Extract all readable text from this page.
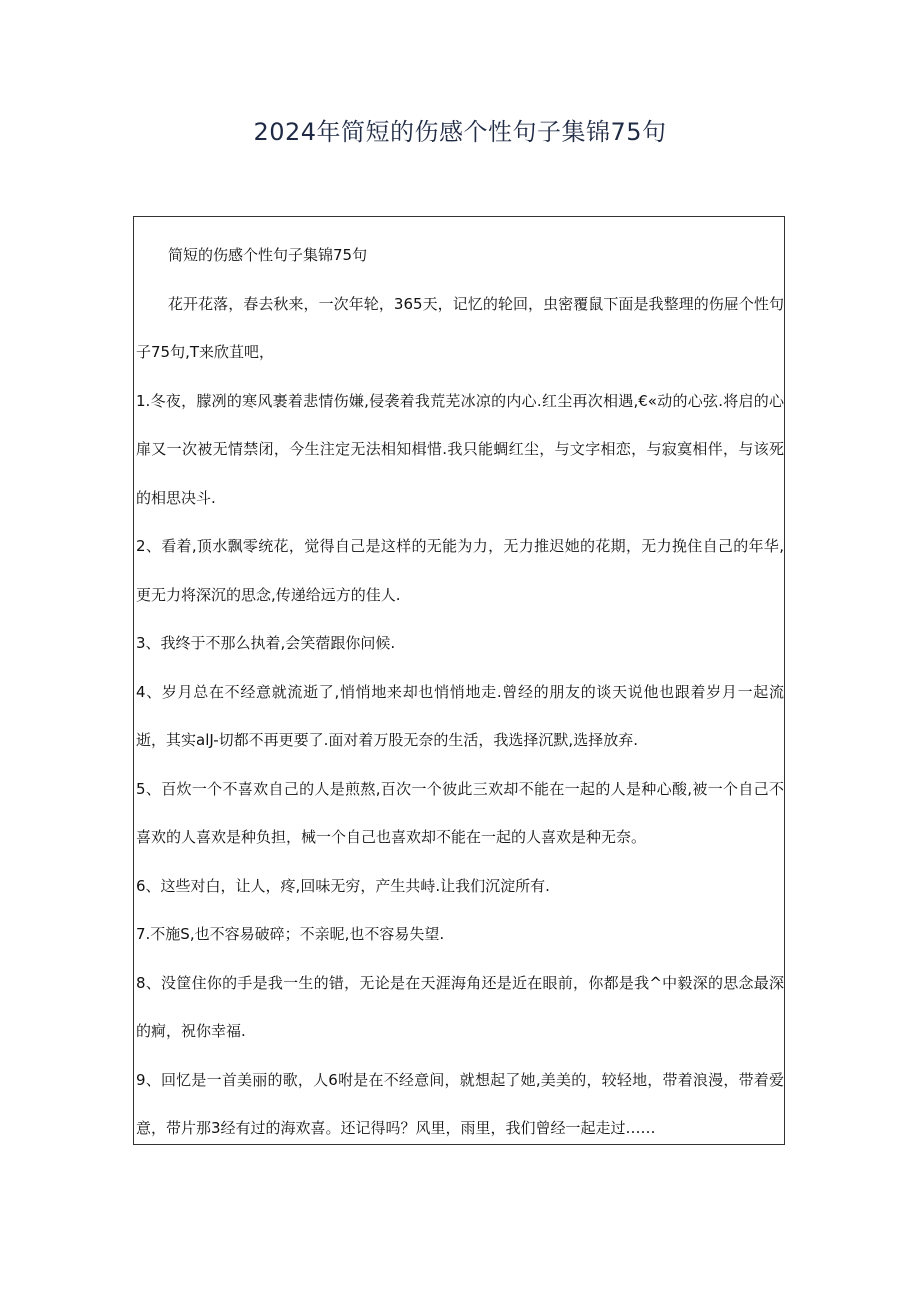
2024年简短的伤感个性句子集锦75句

简短的伤感个性句子集锦75句

花开花落，春去秋来，一次年轮，365天，记忆的轮回，虫密覆鼠下面是我整理的伤屉个性句子75句,T来欣苴吧，

1.冬夜，朦冽的寒风裹着悲情伤嫌,侵袭着我荒芜冰凉的内心.红尘再次相遇,€«动的心弦.将启的心扉又一次被无情禁闭，今生注定无法相知楫惜.我只能蜩红尘，与文字相恋，与寂寞相伴，与该死的相思决斗.

2、看着,顶水飘零统花，觉得自己是这样的无能为力，无力推迟她的花期，无力挽住自己的年华,更无力将深沉的思念,传递给远方的佳人.

3、我终于不那么执着,会笑蓿跟你问候.

4、岁月总在不经意就流逝了,悄悄地来却也悄悄地走.曾经的朋友的谈天说他也跟着岁月一起流逝，其实alJ-切都不再更要了.面对着万股无奈的生活，我选择沉默,选择放弃.

5、百炊一个不喜欢自己的人是煎熬,百次一个彼此三欢却不能在一起的人是种心酸,被一个自己不喜欢的人喜欢是种负担，械一个自己也喜欢却不能在一起的人喜欢是种无奈。

6、这些对白，让人，疼,回味无穷，产生共峙.让我们沉淀所有.

7.不施S,也不容易破碎；不亲昵,也不容易失望.

8、没筐住你的手是我一生的错，无论是在天涯海角还是近在眼前，你都是我^中毅深的思念最深的痾，祝你幸福.

9、回忆是一首美丽的歌，人6咐是在不经意间，就想起了她,美美的，较轻地，带着浪漫，带着爱意，带片那3经有过的海欢喜。还记得吗？风里，雨里，我们曾经一起走过……
